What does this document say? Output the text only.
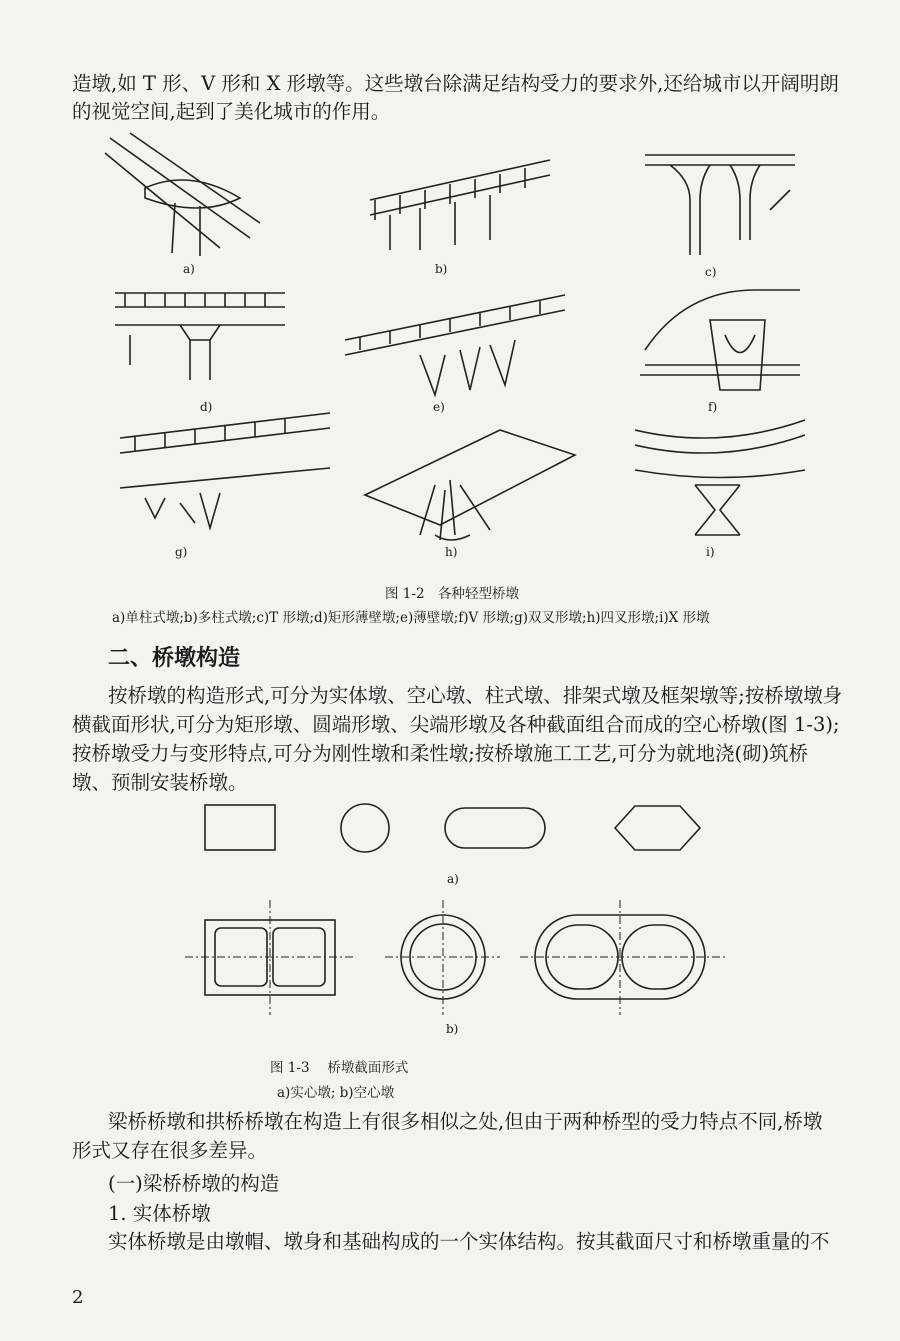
造墩,如 T 形、V 形和 X 形墩等。这些墩台除满足结构受力的要求外,还给城市以开阔明朗
的视觉空间,起到了美化城市的作用。
a)	b)	c)
d)	e)	f)
g)	h)	i)
图 1-2　各种轻型桥墩
a)单柱式墩;b)多柱式墩;c)T 形墩;d)矩形薄壁墩;e)薄壁墩;f)V 形墩;g)双叉形墩;h)四叉形墩;i)X 形墩
二、桥墩构造
按桥墩的构造形式,可分为实体墩、空心墩、柱式墩、排架式墩及框架墩等;按桥墩墩身
横截面形状,可分为矩形墩、圆端形墩、尖端形墩及各种截面组合而成的空心桥墩(图 1-3);
按桥墩受力与变形特点,可分为刚性墩和柔性墩;按桥墩施工工艺,可分为就地浇(砌)筑桥
墩、预制安装桥墩。
a)
b)
图 1-3　 桥墩截面形式
a)实心墩; b)空心墩
梁桥桥墩和拱桥桥墩在构造上有很多相似之处,但由于两种桥型的受力特点不同,桥墩
形式又存在很多差异。
(一)梁桥桥墩的构造
1. 实体桥墩
实体桥墩是由墩帽、墩身和基础构成的一个实体结构。按其截面尺寸和桥墩重量的不
2
